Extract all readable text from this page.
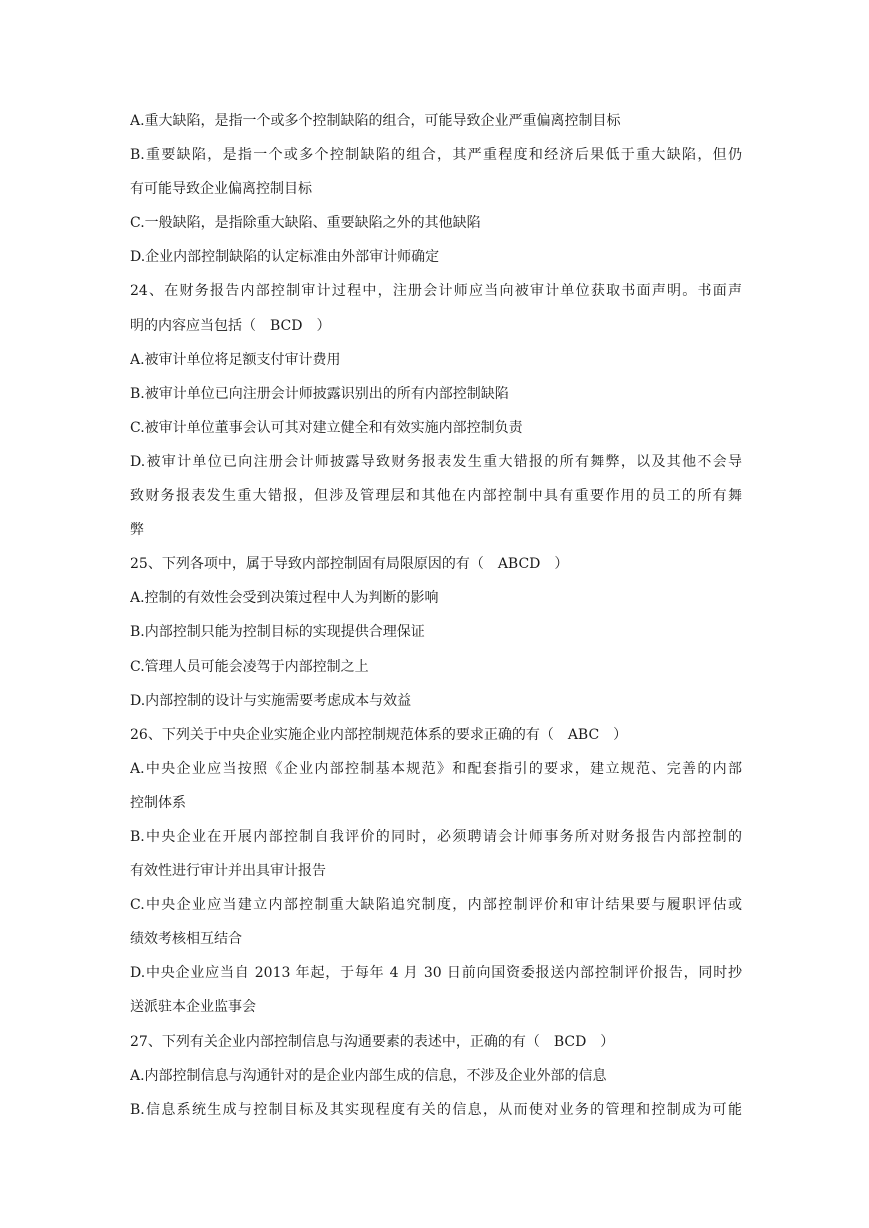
A.重大缺陷，是指一个或多个控制缺陷的组合，可能导致企业严重偏离控制目标
B.重要缺陷，是指一个或多个控制缺陷的组合，其严重程度和经济后果低于重大缺陷，但仍
有可能导致企业偏离控制目标
C.一般缺陷，是指除重大缺陷、重要缺陷之外的其他缺陷
D.企业内部控制缺陷的认定标准由外部审计师确定
24、在财务报告内部控制审计过程中，注册会计师应当向被审计单位获取书面声明。书面声
明的内容应当包括（　BCD　）
A.被审计单位将足额支付审计费用
B.被审计单位已向注册会计师披露识别出的所有内部控制缺陷
C.被审计单位董事会认可其对建立健全和有效实施内部控制负责
D.被审计单位已向注册会计师披露导致财务报表发生重大错报的所有舞弊，以及其他不会导
致财务报表发生重大错报，但涉及管理层和其他在内部控制中具有重要作用的员工的所有舞
弊
25、下列各项中，属于导致内部控制固有局限原因的有（　ABCD　）
A.控制的有效性会受到决策过程中人为判断的影响
B.内部控制只能为控制目标的实现提供合理保证
C.管理人员可能会凌驾于内部控制之上
D.内部控制的设计与实施需要考虑成本与效益
26、下列关于中央企业实施企业内部控制规范体系的要求正确的有（　ABC　）
A.中央企业应当按照《企业内部控制基本规范》和配套指引的要求，建立规范、完善的内部
控制体系
B.中央企业在开展内部控制自我评价的同时，必须聘请会计师事务所对财务报告内部控制的
有效性进行审计并出具审计报告
C.中央企业应当建立内部控制重大缺陷追究制度，内部控制评价和审计结果要与履职评估或
绩效考核相互结合
D.中央企业应当自 2013 年起，于每年 4 月 30 日前向国资委报送内部控制评价报告，同时抄
送派驻本企业监事会
27、下列有关企业内部控制信息与沟通要素的表述中，正确的有（　BCD　）
A.内部控制信息与沟通针对的是企业内部生成的信息，不涉及企业外部的信息
B.信息系统生成与控制目标及其实现程度有关的信息，从而使对业务的管理和控制成为可能
